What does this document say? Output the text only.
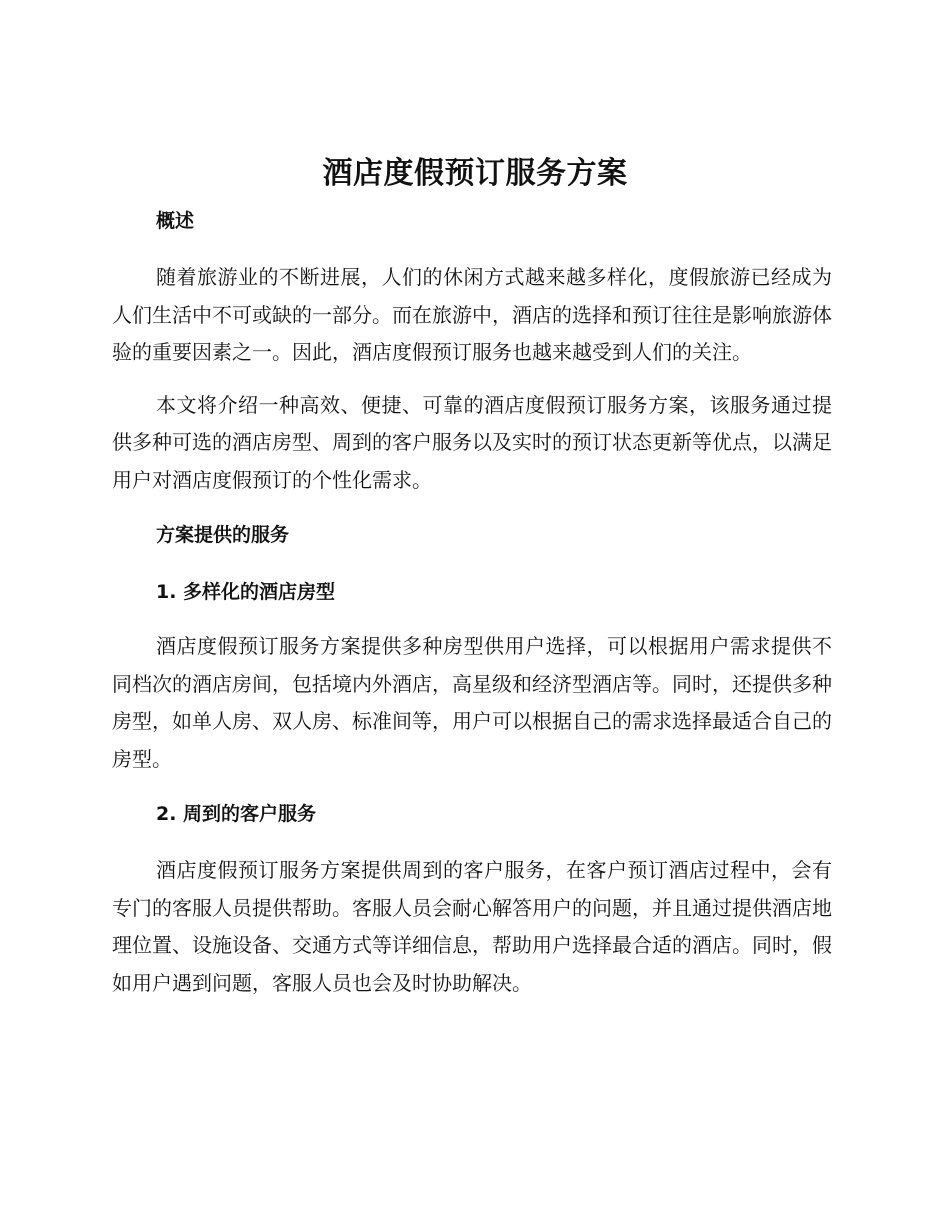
酒店度假预订服务方案
概述

随着旅游业的不断进展，人们的休闲方式越来越多样化，度假旅游已经成为人们生活中不可或缺的一部分。而在旅游中，酒店的选择和预订往往是影响旅游体验的重要因素之一。因此，酒店度假预订服务也越来越受到人们的关注。

本文将介绍一种高效、便捷、可靠的酒店度假预订服务方案，该服务通过提供多种可选的酒店房型、周到的客户服务以及实时的预订状态更新等优点，以满足用户对酒店度假预订的个性化需求。

方案提供的服务
1. 多样化的酒店房型

酒店度假预订服务方案提供多种房型供用户选择，可以根据用户需求提供不同档次的酒店房间，包括境内外酒店，高星级和经济型酒店等。同时，还提供多种房型，如单人房、双人房、标准间等，用户可以根据自己的需求选择最适合自己的房型。

2. 周到的客户服务

酒店度假预订服务方案提供周到的客户服务，在客户预订酒店过程中，会有专门的客服人员提供帮助。客服人员会耐心解答用户的问题，并且通过提供酒店地理位置、设施设备、交通方式等详细信息，帮助用户选择最合适的酒店。同时，假如用户遇到问题，客服人员也会及时协助解决。
